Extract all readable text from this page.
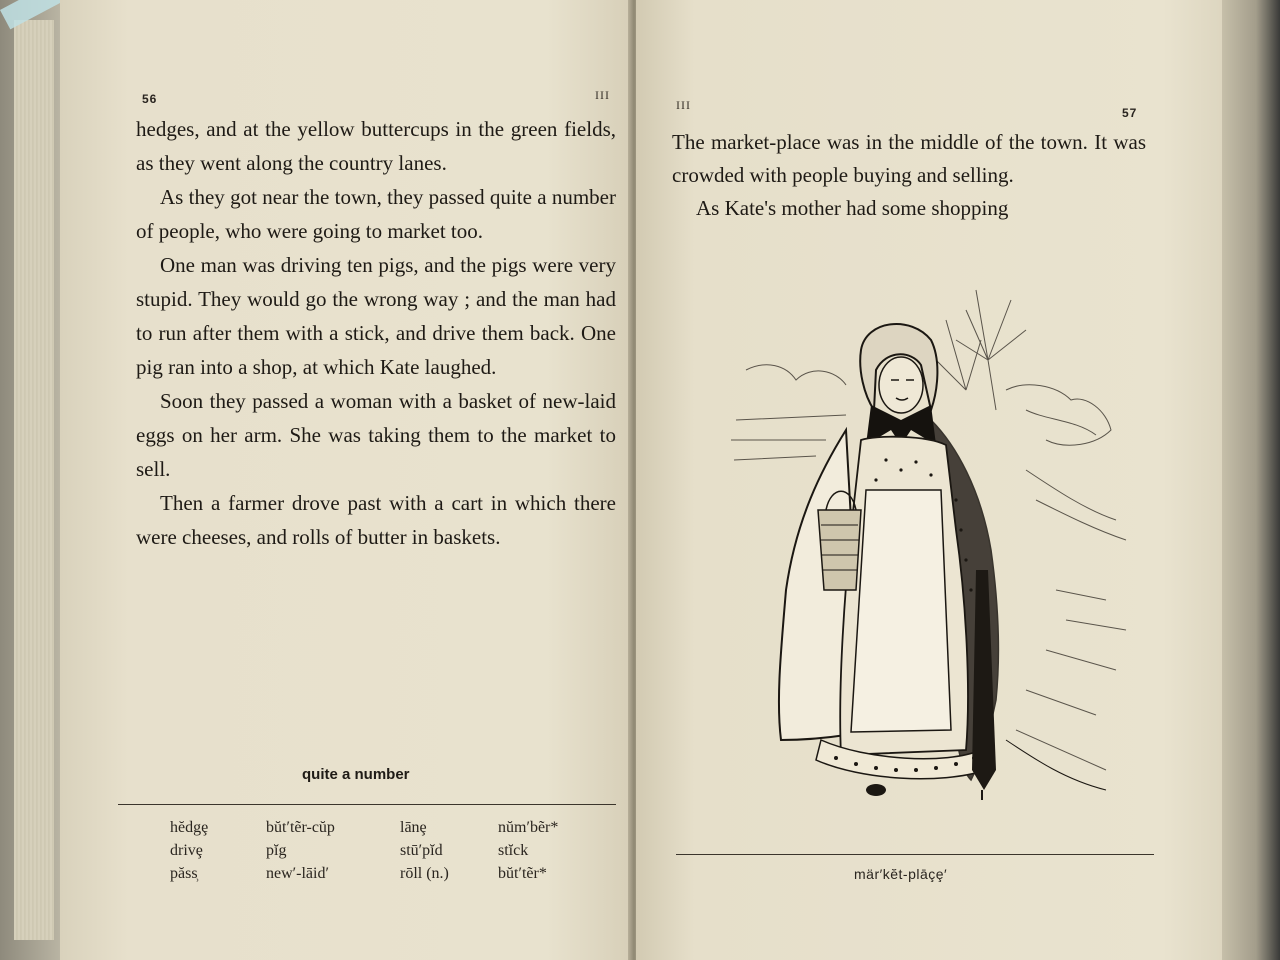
56	III

hedges, and at the yellow buttercups in the green fields, as they went along the country lanes.

As they got near the town, they passed quite a number of people, who were going to market too.

One man was driving ten pigs, and the pigs were very stupid. They would go the wrong way ; and the man had to run after them with a stick, and drive them back. One pig ran into a shop, at which Kate laughed.

Soon they passed a woman with a basket of new-laid eggs on her arm. She was taking them to the market to sell.

Then a farmer drove past with a cart in which there were cheeses, and rolls of butter in baskets.

quite a number
hĕdgȩ
drivȩ
păss̹
bŭt′tẽr-cŭp
pĭg
new′-lāid′
lānȩ
stū′pĭd
rōll (n.)
nŭm′bẽr*
stĭck
bŭt′tẽr*
III
57

The market-place was in the middle of the town. It was crowded with people buying and selling.

As Kate's mother had some shopping

mär′kĕt-plāçȩ′
